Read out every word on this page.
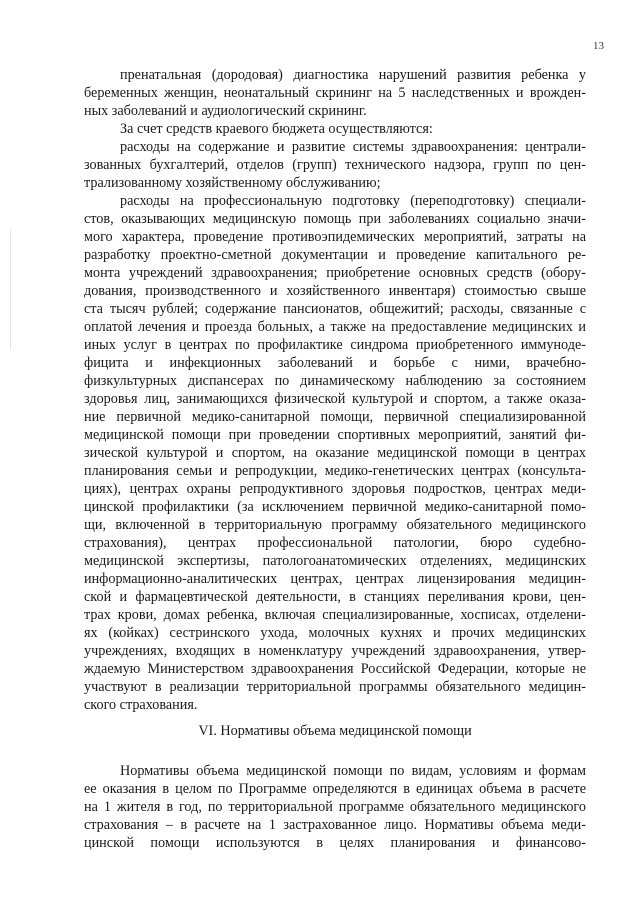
13
пренатальная (дородовая) диагностика нарушений развития ребенка у
беременных женщин, неонатальный скрининг на 5 наследственных и врожден-
ных заболеваний и аудиологический скрининг.
За счет средств краевого бюджета осуществляются:
расходы на содержание и развитие системы здравоохранения: централи-
зованных бухгалтерий, отделов (групп) технического надзора, групп по цен-
трализованному хозяйственному обслуживанию;
расходы на профессиональную подготовку (переподготовку) специали-
стов, оказывающих медицинскую помощь при заболеваниях социально значи-
мого характера, проведение противоэпидемических мероприятий, затраты на
разработку проектно-сметной документации и проведение капитального ре-
монта учреждений здравоохранения; приобретение основных средств (обору-
дования, производственного и хозяйственного инвентаря) стоимостью свыше
ста тысяч рублей; содержание пансионатов, общежитий; расходы, связанные с
оплатой лечения и проезда больных, а также на предоставление медицинских и
иных услуг в центрах по профилактике синдрома приобретенного иммуноде-
фицита и инфекционных заболеваний и борьбе с ними, врачебно-
физкультурных диспансерах по динамическому наблюдению за состоянием
здоровья лиц, занимающихся физической культурой и спортом, а также оказа-
ние первичной медико-санитарной помощи, первичной специализированной
медицинской помощи при проведении спортивных мероприятий, занятий фи-
зической культурой и спортом, на оказание медицинской помощи в центрах
планирования семьи и репродукции, медико-генетических центрах (консульта-
циях), центрах охраны репродуктивного здоровья подростков, центрах меди-
цинской профилактики (за исключением первичной медико-санитарной помо-
щи, включенной в территориальную программу обязательного медицинского
страхования), центрах профессиональной патологии, бюро судебно-
медицинской экспертизы, патологоанатомических отделениях, медицинских
информационно-аналитических центрах, центрах лицензирования медицин-
ской и фармацевтической деятельности, в станциях переливания крови, цен-
трах крови, домах ребенка, включая специализированные, хосписах, отделени-
ях (койках) сестринского ухода, молочных кухнях и прочих медицинских
учреждениях, входящих в номенклатуру учреждений здравоохранения, утвер-
ждаемую Министерством здравоохранения Российской Федерации, которые не
участвуют в реализации территориальной программы обязательного медицин-
ского страхования.
Нормативы объема медицинской помощи по видам, условиям и формам
ее оказания в целом по Программе определяются в единицах объема в расчете
на 1 жителя в год, по территориальной программе обязательного медицинского
страхования – в расчете на 1 застрахованное лицо. Нормативы объема меди-
цинской помощи используются в целях планирования и финансово-
VI. Нормативы объема медицинской помощи
